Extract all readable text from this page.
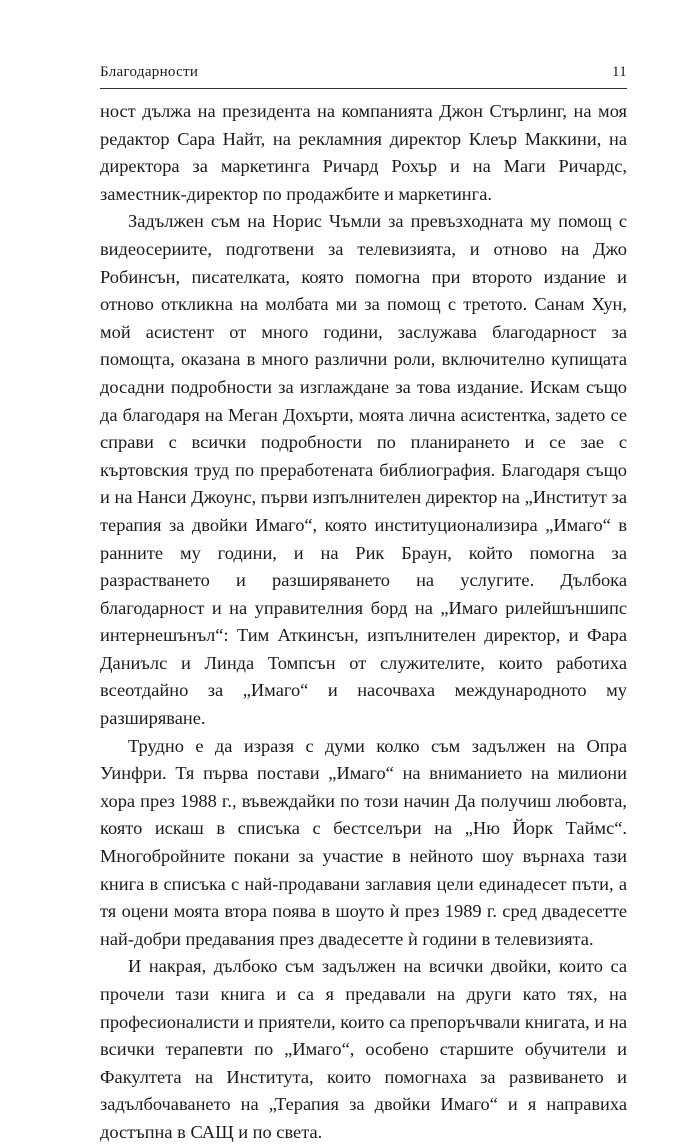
Благодарности	11

ност дължа на президента на компанията Джон Стърлинг, на моя редактор Сара Найт, на рекламния директор Клеър Маккини, на директора за маркетинга Ричард Рохър и на Маги Ричардс, заместник-директор по продажбите и маркетинга.

Задължен съм на Норис Чъмли за превъзходната му помощ с видеосериите, подготвени за телевизията, и отново на Джо Робинсън, писателката, която помогна при второто издание и отново откликна на молбата ми за помощ с третото. Санам Хун, мой асистент от много години, заслужава благодарност за помощта, оказана в много различни роли, включително купищата досадни подробности за изглаждане за това издание. Искам също да благодаря на Меган Дохърти, моята лична асистентка, задето се справи с всички подробности по планирането и се зае с къртовския труд по преработената библиография. Благодаря също и на Нанси Джоунс, първи изпълнителен директор на „Институт за терапия за двойки Имаго“, която институционализира „Имаго“ в ранните му години, и на Рик Браун, който помогна за разрастването и разширяването на услугите. Дълбока благодарност и на управителния борд на „Имаго рилейшъншипс интернешънъл“: Тим Аткинсън, изпълнителен директор, и Фара Даниълс и Линда Томпсън от служителите, които работиха всеотдайно за „Имаго“ и насочваха международното му разширяване.

Трудно е да изразя с думи колко съм задължен на Опра Уинфри. Тя първа постави „Имаго“ на вниманието на милиони хора през 1988 г., въвеждайки по този начин Да получиш любовта, която искаш в списъка с бестселъри на „Ню Йорк Таймс“. Многобройните покани за участие в нейното шоу върнаха тази книга в списъка с най-продавани заглавия цели единадесет пъти, а тя оцени моята втора поява в шоуто ѝ през 1989 г. сред двадесетте най-добри предавания през двадесетте ѝ години в телевизията.

И накрая, дълбоко съм задължен на всички двойки, които са прочели тази книга и са я предавали на други като тях, на професионалисти и приятели, които са препоръчвали книгата, и на всички терапевти по „Имаго“, особено старшите обучители и Факултета на Института, които помогнаха за развиването и задълбочаването на „Терапия за двойки Имаго“ и я направиха достъпна в САЩ и по света.
